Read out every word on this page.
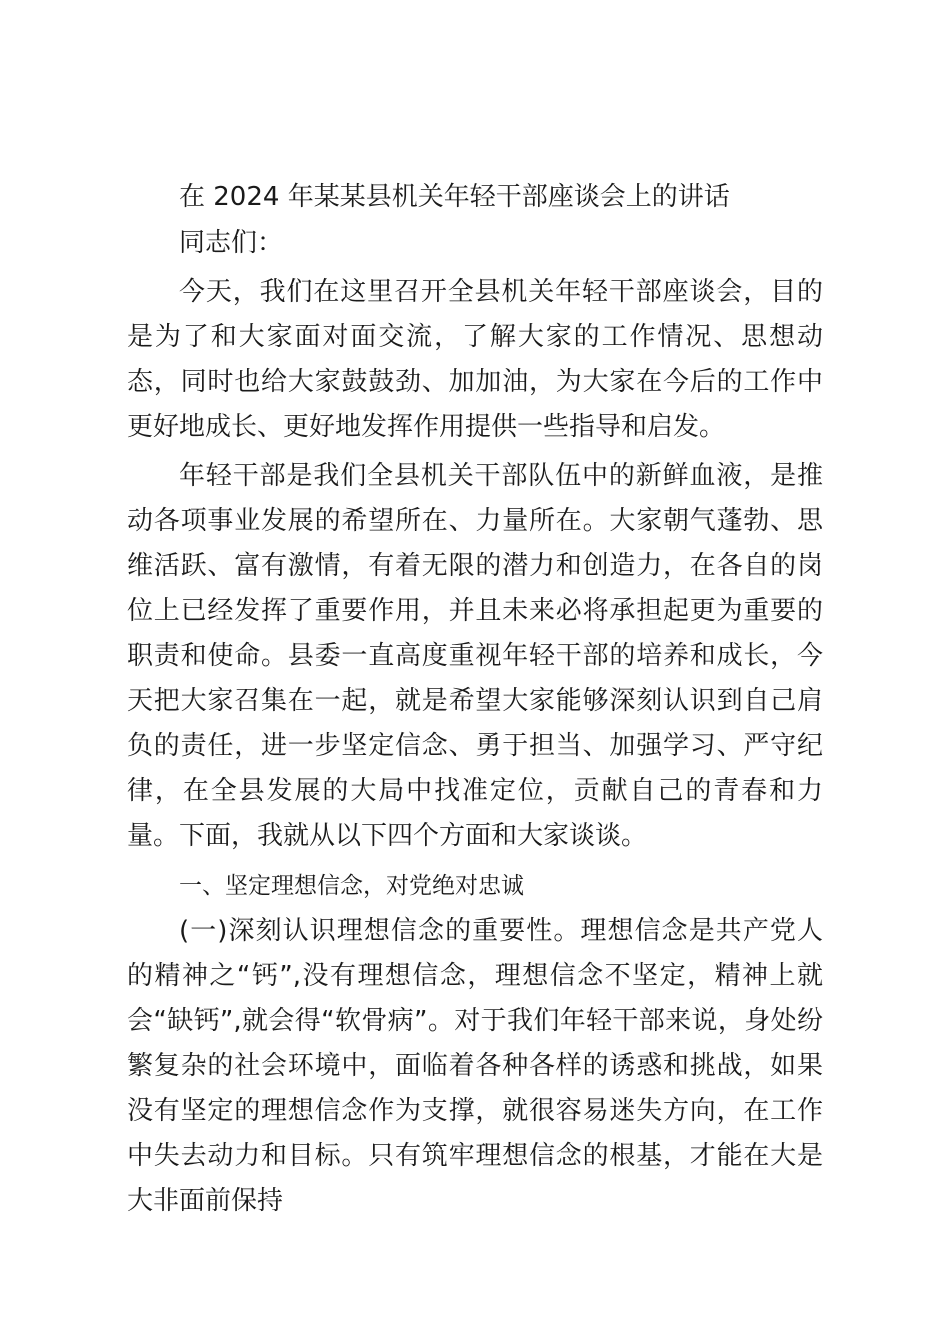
在 2024 年某某县机关年轻干部座谈会上的讲话

同志们：

今天，我们在这里召开全县机关年轻干部座谈会，目的是为了和大家面对面交流，了解大家的工作情况、思想动态，同时也给大家鼓鼓劲、加加油，为大家在今后的工作中更好地成长、更好地发挥作用提供一些指导和启发。

年轻干部是我们全县机关干部队伍中的新鲜血液，是推动各项事业发展的希望所在、力量所在。大家朝气蓬勃、思维活跃、富有激情，有着无限的潜力和创造力，在各自的岗位上已经发挥了重要作用，并且未来必将承担起更为重要的职责和使命。县委一直高度重视年轻干部的培养和成长，今天把大家召集在一起，就是希望大家能够深刻认识到自己肩负的责任，进一步坚定信念、勇于担当、加强学习、严守纪律，在全县发展的大局中找准定位，贡献自己的青春和力量。下面，我就从以下四个方面和大家谈谈。

一、坚定理想信念，对党绝对忠诚

(一)深刻认识理想信念的重要性。理想信念是共产党人的精神之“钙”,没有理想信念，理想信念不坚定，精神上就会“缺钙”,就会得“软骨病”。对于我们年轻干部来说，身处纷繁复杂的社会环境中，面临着各种各样的诱惑和挑战，如果没有坚定的理想信念作为支撑，就很容易迷失方向，在工作中失去动力和目标。只有筑牢理想信念的根基，才能在大是大非面前保持
